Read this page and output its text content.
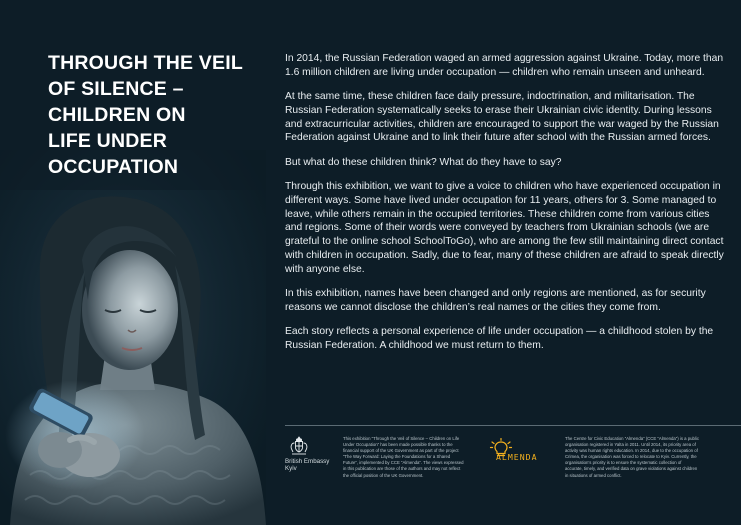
THROUGH THE VEIL
OF SILENCE –
CHILDREN ON
LIFE UNDER
OCCUPATION

In 2014, the Russian Federation waged an armed aggression against Ukraine. Today, more than 1.6 million children are living under occupation — children who remain unseen and unheard.

At the same time, these children face daily pressure, indoctrination, and militarisation. The Russian Federation systematically seeks to erase their Ukrainian civic identity. During lessons and extracurricular activities, children are encouraged to support the war waged by the Russian Federation against Ukraine and to link their future after school with the Russian armed forces.

But what do these children think? What do they have to say?

Through this exhibition, we want to give a voice to children who have experienced occupation in different ways. Some have lived under occupation for 11 years, others for 3. Some managed to leave, while others remain in the occupied territories. These children come from various cities and regions. Some of their words were conveyed by teachers from Ukrainian schools (we are grateful to the online school SchoolToGo), who are among the few still maintaining direct contact with children in occupation. Sadly, due to fear, many of these children are afraid to speak directly with anyone else.

In this exhibition, names have been changed and only regions are mentioned, as for security reasons we cannot disclose the children’s real names or the cities they come from.

Each story reflects a personal experience of life under occupation — a childhood stolen by the Russian Federation. A childhood we must return to them.

British Embassy
Kyiv
This exhibition “Through the Veil of Silence – Children on Life Under Occupation” has been made possible thanks to the financial support of the UK Government as part of the project “The Way Forward: Laying the Foundations for a Shared Future”, implemented by CCE “Almenda”. The views expressed in this publication are those of the authors and may not reflect the official position of the UK Government.
ALMENDA
The Centre for Civic Education “Almenda” (CCE “Almenda”) is a public organisation registered in Yalta in 2011. Until 2014, its priority area of activity was human rights education. In 2014, due to the occupation of Crimea, the organisation was forced to relocate to Kyiv. Currently, the organisation’s priority is to ensure the systematic collection of accurate, timely, and verified data on grave violations against children in situations of armed conflict.
